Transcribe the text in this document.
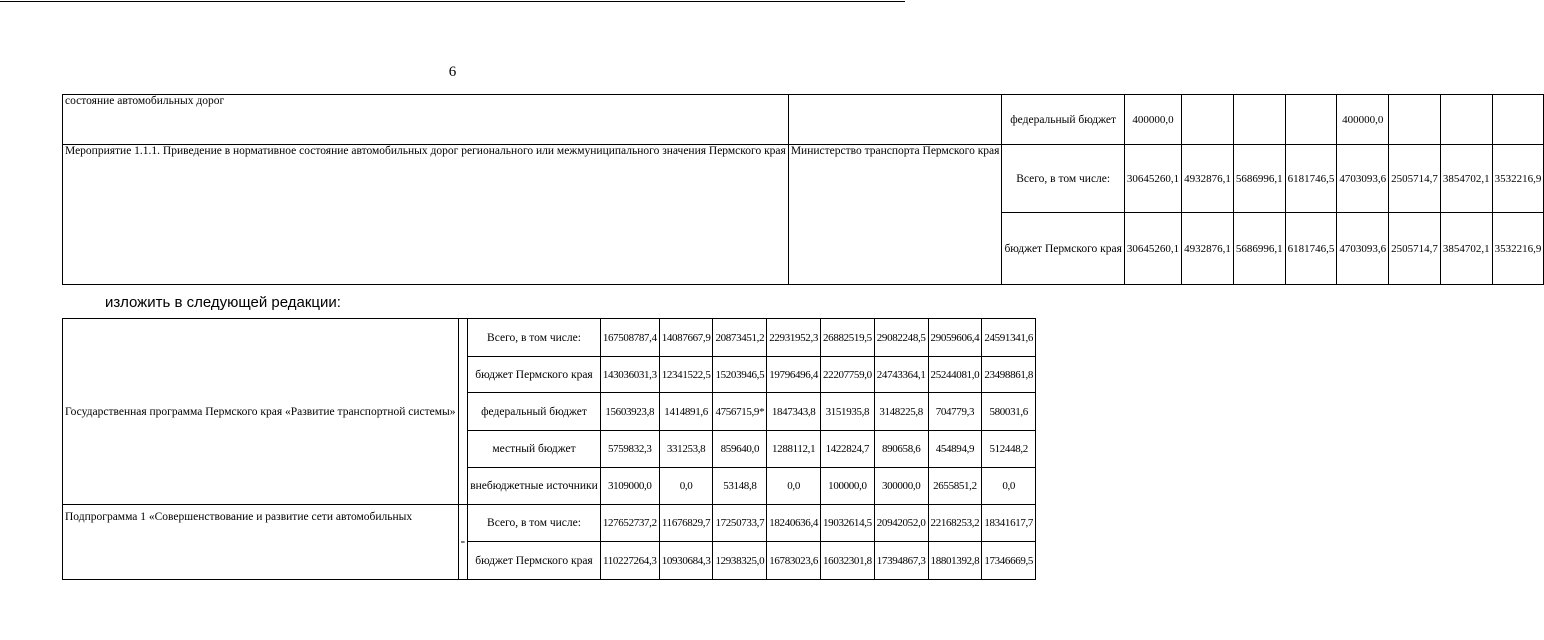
6
состояние автомобильных дорог		федеральный бюджет	400000,0				400000,0			
Мероприятие 1.1.1. Приведение в нормативное состояние автомобильных дорог регионального или межмуниципального значения Пермского края	Министерство транспорта Пермского края	Всего, в том числе:	30645260,1	4932876,1	5686996,1	6181746,5	4703093,6	2505714,7	3854702,1	3532216,9
		бюджет Пермского края	30645260,1	4932876,1	5686996,1	6181746,5	4703093,6	2505714,7	3854702,1	3532216,9
изложить в следующей редакции:
Государственная программа Пермского края «Развитие транспортной системы»		Всего, в том числе:	167508787,4	14087667,9	20873451,2	22931952,3	26882519,5	29082248,5	29059606,4	24591341,6
		бюджет Пермского края	143036031,3	12341522,5	15203946,5	19796496,4	22207759,0	24743364,1	25244081,0	23498861,8
		федеральный бюджет	15603923,8	1414891,6	4756715,9*	1847343,8	3151935,8	3148225,8	704779,3	580031,6
		местный бюджет	5759832,3	331253,8	859640,0	1288112,1	1422824,7	890658,6	454894,9	512448,2
		внебюджетные источники	3109000,0	0,0	53148,8	0,0	100000,0	300000,0	2655851,2	0,0
Подпрограмма 1 «Совершенствование и развитие сети автомобильных	-	Всего, в том числе:	127652737,2	11676829,7	17250733,7	18240636,4	19032614,5	20942052,0	22168253,2	18341617,7
		бюджет Пермского края	110227264,3	10930684,3	12938325,0	16783023,6	16032301,8	17394867,3	18801392,8	17346669,5
